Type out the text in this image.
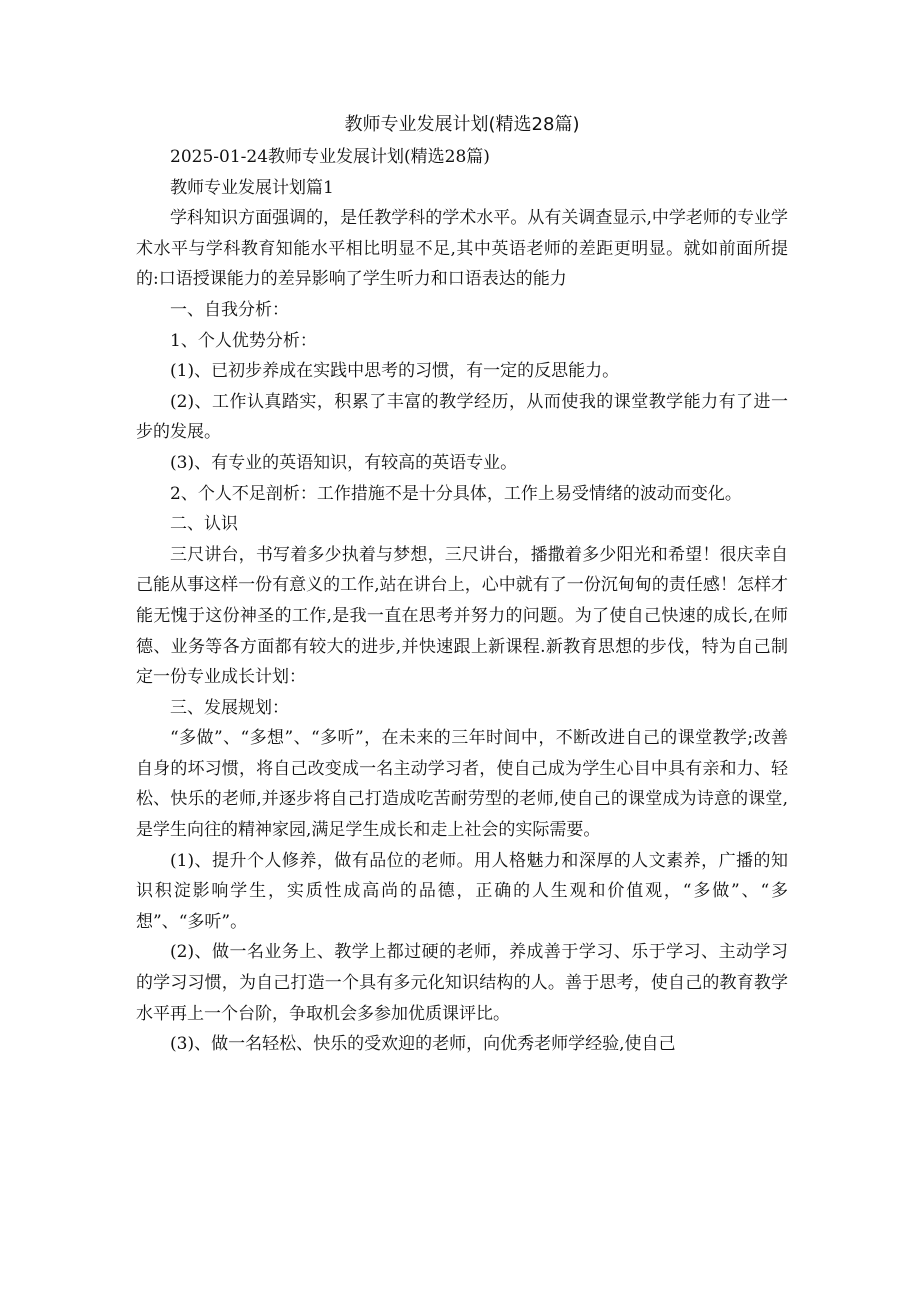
教师专业发展计划(精选28篇)

2025-01-24教师专业发展计划(精选28篇)

教师专业发展计划篇1

学科知识方面强调的，是任教学科的学术水平。从有关调查显示,中学老师的专业学术水平与学科教育知能水平相比明显不足,其中英语老师的差距更明显。就如前面所提的:口语授课能力的差异影响了学生听力和口语表达的能力

一、自我分析：

1、个人优势分析：

(1)、已初步养成在实践中思考的习惯，有一定的反思能力。

(2)、工作认真踏实，积累了丰富的教学经历，从而使我的课堂教学能力有了进一步的发展。

(3)、有专业的英语知识，有较高的英语专业。

2、个人不足剖析：工作措施不是十分具体，工作上易受情绪的波动而变化。

二、认识

三尺讲台，书写着多少执着与梦想，三尺讲台，播撒着多少阳光和希望！很庆幸自己能从事这样一份有意义的工作,站在讲台上，心中就有了一份沉甸甸的责任感！怎样才能无愧于这份神圣的工作,是我一直在思考并努力的问题。为了使自己快速的成长,在师德、业务等各方面都有较大的进步,并快速跟上新课程.新教育思想的步伐，特为自己制定一份专业成长计划：

三、发展规划：

“多做”、“多想”、“多听”，在未来的三年时间中，不断改进自己的课堂教学;改善自身的坏习惯，将自己改变成一名主动学习者，使自己成为学生心目中具有亲和力、轻松、快乐的老师,并逐步将自己打造成吃苦耐劳型的老师,使自己的课堂成为诗意的课堂,是学生向往的精神家园,满足学生成长和走上社会的实际需要。

(1)、提升个人修养，做有品位的老师。用人格魅力和深厚的人文素养，广播的知识积淀影响学生，实质性成高尚的品德，正确的人生观和价值观，“多做”、“多想”、“多听”。

(2)、做一名业务上、教学上都过硬的老师，养成善于学习、乐于学习、主动学习的学习习惯，为自己打造一个具有多元化知识结构的人。善于思考，使自己的教育教学水平再上一个台阶，争取机会多参加优质课评比。

(3)、做一名轻松、快乐的受欢迎的老师，向优秀老师学经验,使自己
